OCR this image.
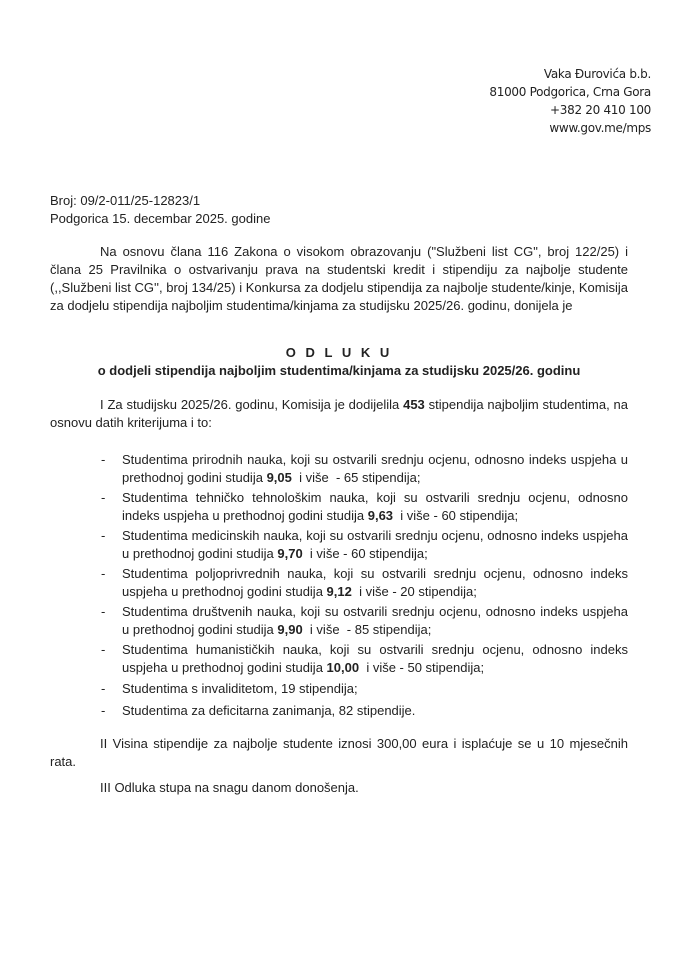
Vaka Đurovića b.b.
81000 Podgorica, Crna Gora
+382 20 410 100
www.gov.me/mps
Broj: 09/2-011/25-12823/1
Podgorica 15. decembar 2025. godine
Na osnovu člana 116 Zakona o visokom obrazovanju ("Službeni list CG", broj 122/25) i člana 25 Pravilnika o ostvarivanju prava na studentski kredit i stipendiju za najbolje studente (,,Službeni list CG'', broj 134/25) i Konkursa za dodjelu stipendija za najbolje studente/kinje, Komisija za dodjelu stipendija najboljim studentima/kinjama za studijsku 2025/26. godinu, donijela je
O D L U K U
o dodjeli stipendija najboljim studentima/kinjama za studijsku 2025/26. godinu
I Za studijsku 2025/26. godinu, Komisija je dodijelila 453 stipendija najboljim studentima, na osnovu datih kriterijuma i to:
- Studentima prirodnih nauka, koji su ostvarili srednju ocjenu, odnosno indeks uspjeha u prethodnoj godini studija 9,05  i više  - 65 stipendija;
- Studentima tehničko tehnološkim nauka, koji su ostvarili srednju ocjenu, odnosno indeks uspjeha u prethodnoj godini studija 9,63  i više - 60 stipendija;
- Studentima medicinskih nauka, koji su ostvarili srednju ocjenu, odnosno indeks uspjeha u prethodnoj godini studija 9,70  i više - 60 stipendija;
- Studentima poljoprivrednih nauka, koji su ostvarili srednju ocjenu, odnosno indeks uspjeha u prethodnoj godini studija 9,12  i više - 20 stipendija;
- Studentima društvenih nauka, koji su ostvarili srednju ocjenu, odnosno indeks uspjeha u prethodnoj godini studija 9,90  i više  - 85 stipendija;
- Studentima humanističkih nauka, koji su ostvarili srednju ocjenu, odnosno indeks uspjeha u prethodnoj godini studija 10,00  i više - 50 stipendija;
- Studentima s invaliditetom, 19 stipendija;
- Studentima za deficitarna zanimanja, 82 stipendije.
II Visina stipendije za najbolje studente iznosi 300,00 eura i isplaćuje se u 10 mjesečnih rata.
III Odluka stupa na snagu danom donošenja.
